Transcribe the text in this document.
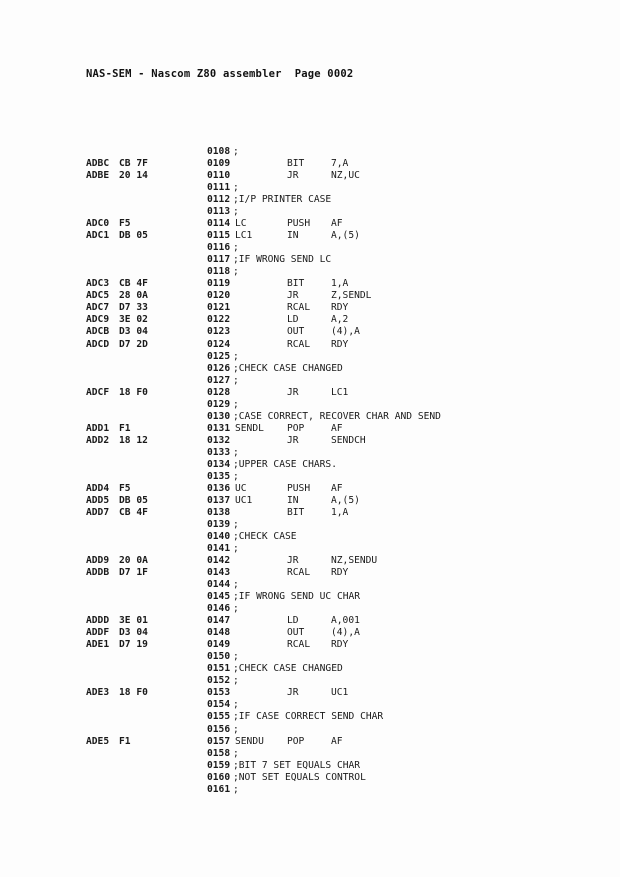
NAS-SEM - Nascom Z80 assembler Page 0002
0108 ;
ADBC CB 7F	0109	BIT	7,A
ADBE 20 14	0110	JR	NZ,UC
0111 ;
0112 ;I/P PRINTER CASE
0113 ;
ADC0 F5	0114 LC	PUSH AF
ADC1 DB 05	0115 LC1	IN	A,(5)
0116 ;
0117 ;IF WRONG SEND LC
0118 ;
ADC3 CB 4F	0119	BIT	1,A
ADC5 28 0A	0120	JR	Z,SENDL
ADC7 D7 33	0121	RCAL RDY
ADC9 3E 02	0122	LD	A,2
ADCB D3 04	0123	OUT	(4),A
ADCD D7 2D	0124	RCAL RDY
0125 ;
0126 ;CHECK CASE CHANGED
0127 ;
ADCF 18 F0	0128	JR	LC1
0129 ;
0130 ;CASE CORRECT, RECOVER CHAR AND SEND
ADD1 F1	0131 SENDL POP	AF
ADD2 18 12	0132	JR	SENDCH
0133 ;
0134 ;UPPER CASE CHARS.
0135 ;
ADD4 F5	0136 UC	PUSH AF
ADD5 DB 05	0137 UC1	IN	A,(5)
ADD7 CB 4F	0138	BIT	1,A
0139 ;
0140 ;CHECK CASE
0141 ;
ADD9 20 0A	0142	JR	NZ,SENDU
ADDB D7 1F	0143	RCAL RDY
0144 ;
0145 ;IF WRONG SEND UC CHAR
0146 ;
ADDD 3E 01	0147	LD	A,001
ADDF D3 04	0148	OUT	(4),A
ADE1 D7 19	0149	RCAL RDY
0150 ;
0151 ;CHECK CASE CHANGED
0152 ;
ADE3 18 F0	0153	JR	UC1
0154 ;
0155 ;IF CASE CORRECT SEND CHAR
0156 ;
ADE5 F1	0157 SENDU POP	AF
0158 ;
0159 ;BIT 7 SET EQUALS CHAR
0160 ;NOT SET EQUALS CONTROL
0161 ;
